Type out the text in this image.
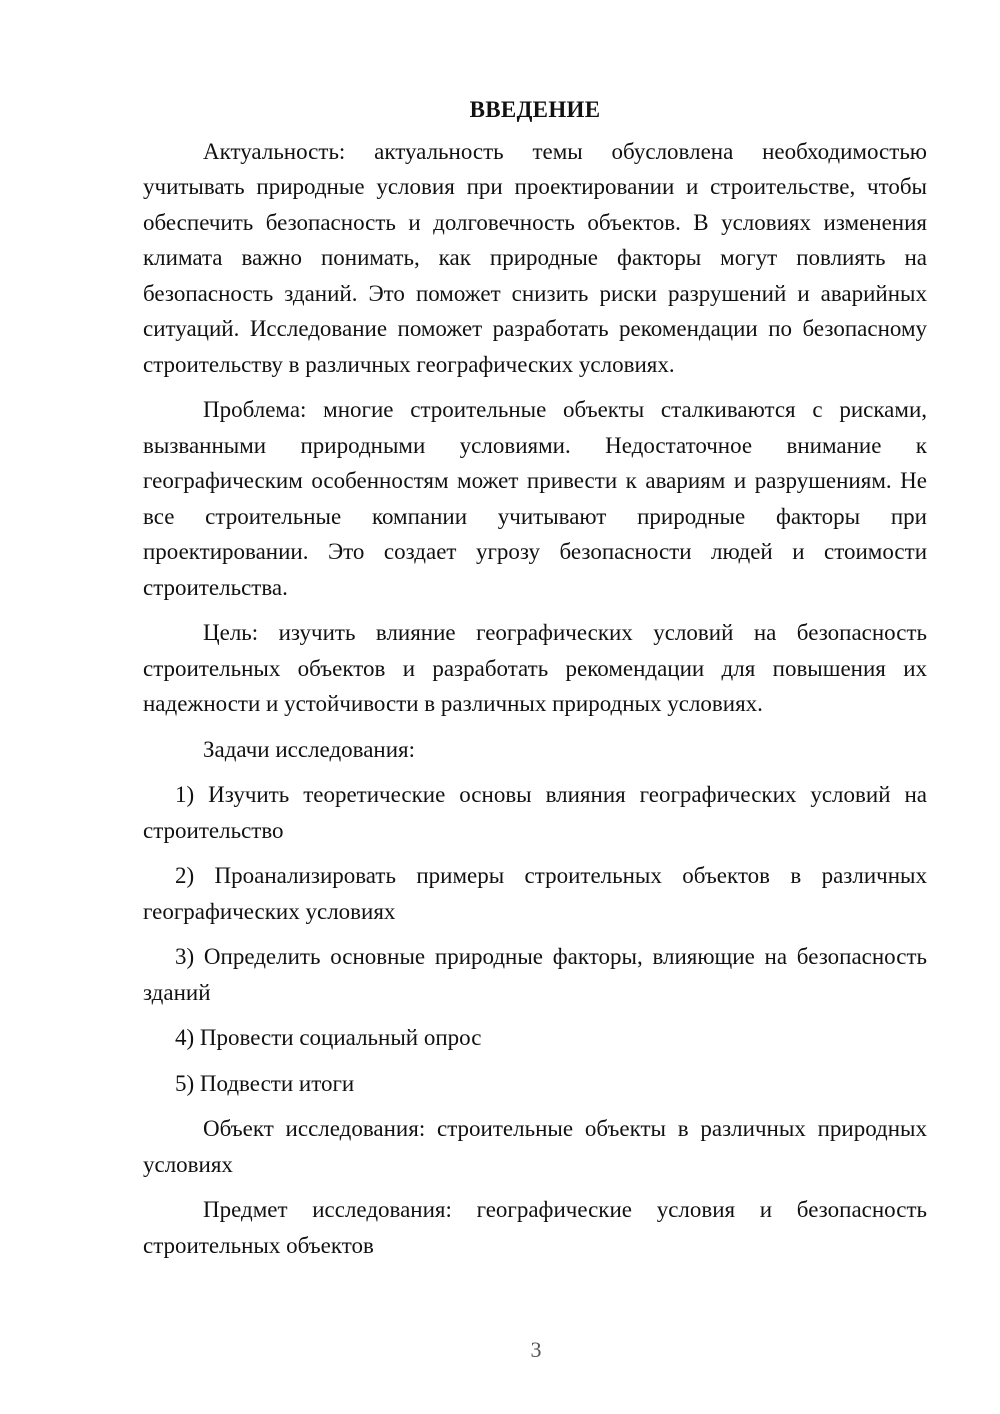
ВВЕДЕНИЕ

Актуальность: актуальность темы обусловлена необходимостью учитывать природные условия при проектировании и строительстве, чтобы обеспечить безопасность и долговечность объектов. В условиях изменения климата важно понимать, как природные факторы могут повлиять на безопасность зданий. Это поможет снизить риски разрушений и аварийных ситуаций. Исследование поможет разработать рекомендации по безопасному строительству в различных географических условиях.

Проблема: многие строительные объекты сталкиваются с рисками, вызванными природными условиями. Недостаточное внимание к географическим особенностям может привести к авариям и разрушениям. Не все строительные компании учитывают природные факторы при проектировании. Это создает угрозу безопасности людей и стоимости строительства.

Цель: изучить влияние географических условий на безопасность строительных объектов и разработать рекомендации для повышения их надежности и устойчивости в различных природных условиях.

Задачи исследования:

1) Изучить теоретические основы влияния географических условий на строительство

2) Проанализировать примеры строительных объектов в различных географических условиях

3) Определить основные природные факторы, влияющие на безопасность зданий

4) Провести социальный опрос

5) Подвести итоги

Объект исследования: строительные объекты в различных природных условиях

Предмет исследования: географические условия и безопасность строительных объектов

3
